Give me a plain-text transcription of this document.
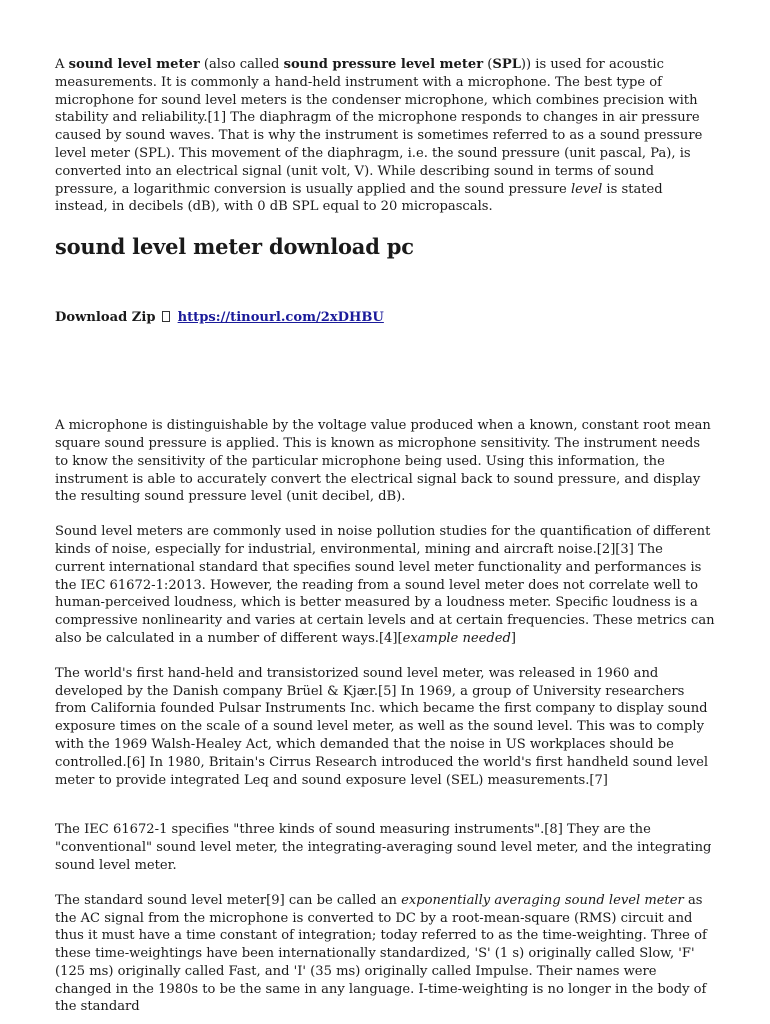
A sound level meter (also called sound pressure level meter (SPL)) is used for acoustic measurements. It is commonly a hand-held instrument with a microphone. The best type of microphone for sound level meters is the condenser microphone, which combines precision with stability and reliability.[1] The diaphragm of the microphone responds to changes in air pressure caused by sound waves. That is why the instrument is sometimes referred to as a sound pressure level meter (SPL). This movement of the diaphragm, i.e. the sound pressure (unit pascal, Pa), is converted into an electrical signal (unit volt, V). While describing sound in terms of sound pressure, a logarithmic conversion is usually applied and the sound pressure level is stated instead, in decibels (dB), with 0 dB SPL equal to 20 micropascals.

sound level meter download pc
Download Zip https://tinourl.com/2xDHBU

A microphone is distinguishable by the voltage value produced when a known, constant root mean square sound pressure is applied. This is known as microphone sensitivity. The instrument needs to know the sensitivity of the particular microphone being used. Using this information, the instrument is able to accurately convert the electrical signal back to sound pressure, and display the resulting sound pressure level (unit decibel, dB).

Sound level meters are commonly used in noise pollution studies for the quantification of different kinds of noise, especially for industrial, environmental, mining and aircraft noise.[2][3] The current international standard that specifies sound level meter functionality and performances is the IEC 61672-1:2013. However, the reading from a sound level meter does not correlate well to human-perceived loudness, which is better measured by a loudness meter. Specific loudness is a compressive nonlinearity and varies at certain levels and at certain frequencies. These metrics can also be calculated in a number of different ways.[4][example needed]

The world's first hand-held and transistorized sound level meter, was released in 1960 and developed by the Danish company Brüel & Kjær.[5] In 1969, a group of University researchers from California founded Pulsar Instruments Inc. which became the first company to display sound exposure times on the scale of a sound level meter, as well as the sound level. This was to comply with the 1969 Walsh-Healey Act, which demanded that the noise in US workplaces should be controlled.[6] In 1980, Britain's Cirrus Research introduced the world's first handheld sound level meter to provide integrated Leq and sound exposure level (SEL) measurements.[7]

The IEC 61672-1 specifies "three kinds of sound measuring instruments".[8] They are the "conventional" sound level meter, the integrating-averaging sound level meter, and the integrating sound level meter.

The standard sound level meter[9] can be called an exponentially averaging sound level meter as the AC signal from the microphone is converted to DC by a root-mean-square (RMS) circuit and thus it must have a time constant of integration; today referred to as the time-weighting. Three of these time-weightings have been internationally standardized, 'S' (1 s) originally called Slow, 'F' (125 ms) originally called Fast, and 'I' (35 ms) originally called Impulse. Their names were changed in the 1980s to be the same in any language. I-time-weighting is no longer in the body of the standard
